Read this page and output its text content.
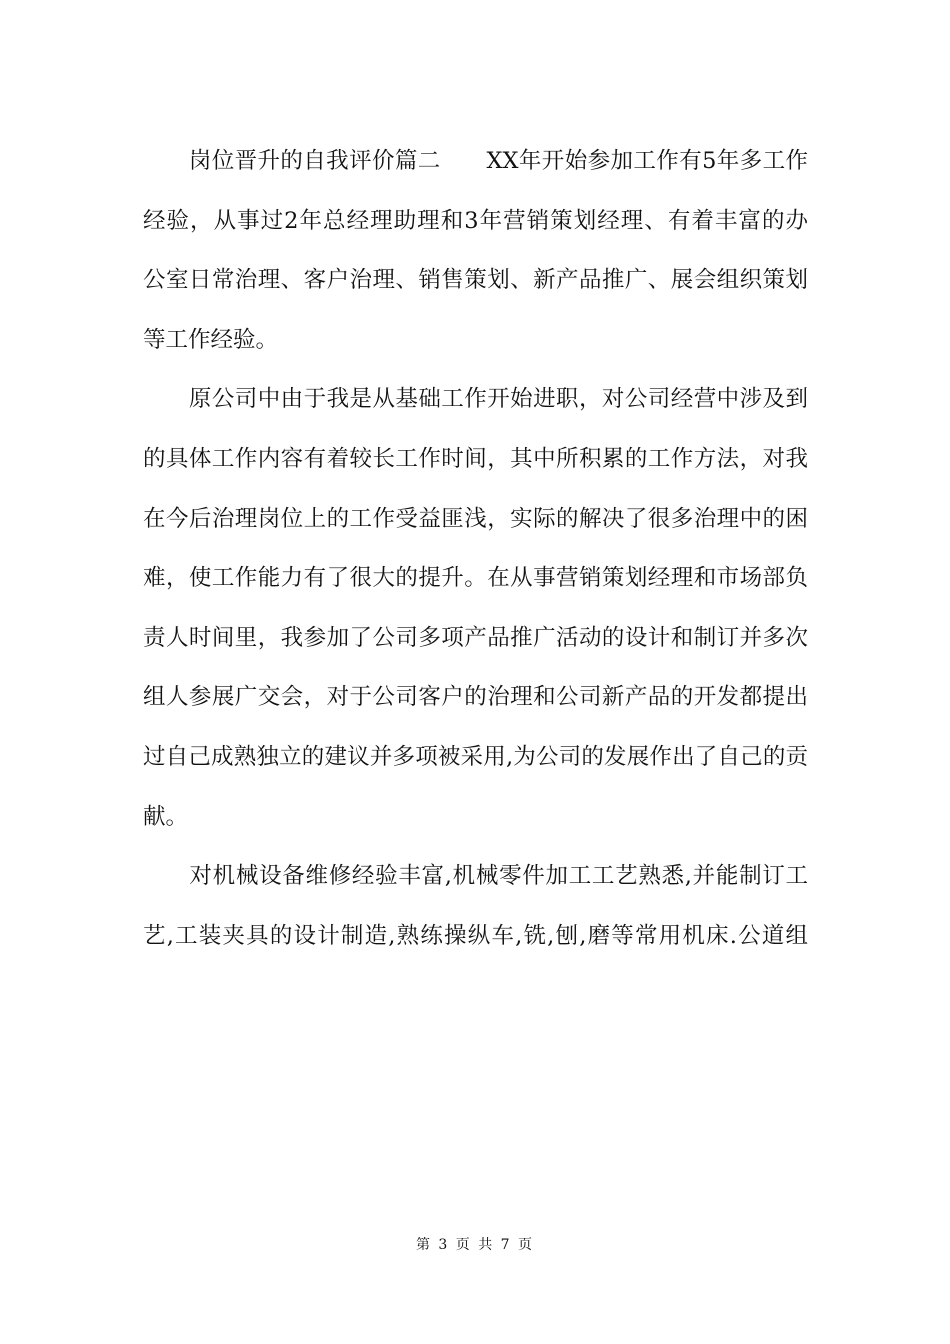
　　岗位晋升的自我评价篇二　　XX年开始参加工作有5年多工作
经验，从事过2年总经理助理和3年营销策划经理、有着丰富的办
公室日常治理、客户治理、销售策划、新产品推广、展会组织策划
等工作经验。
　　原公司中由于我是从基础工作开始进职，对公司经营中涉及到
的具体工作内容有着较长工作时间，其中所积累的工作方法，对我
在今后治理岗位上的工作受益匪浅，实际的解决了很多治理中的困
难，使工作能力有了很大的提升。在从事营销策划经理和市场部负
责人时间里，我参加了公司多项产品推广活动的设计和制订并多次
组人参展广交会，对于公司客户的治理和公司新产品的开发都提出
过自己成熟独立的建议并多项被采用,为公司的发展作出了自己的贡
献。
　　对机械设备维修经验丰富,机械零件加工工艺熟悉,并能制订工
艺,工装夹具的设计制造,熟练操纵车,铣,刨,磨等常用机床.公道组
第 3 页 共 7 页
